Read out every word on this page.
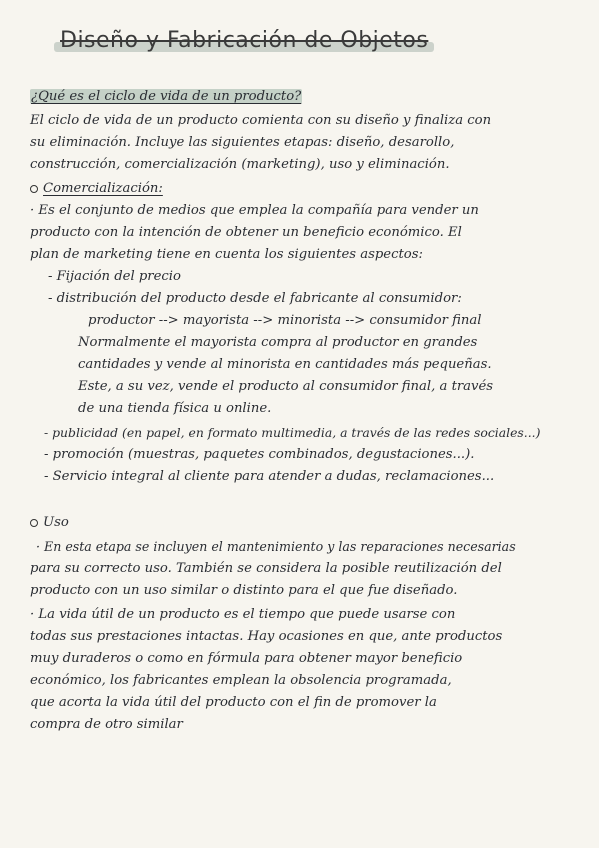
Diseño y Fabricación de Objetos
¿Qué es el ciclo de vida de un producto?
El ciclo de vida de un producto comienta con su diseño y finaliza con
su eliminación. Incluye las siguientes etapas: diseño, desarollo,
construcción, comercialización (marketing), uso y eliminación.
Comercialización:
· Es el conjunto de medios que emplea la compañía para vender un
producto con la intención de obtener un beneficio económico. El
plan de marketing tiene en cuenta los siguientes aspectos:
- Fijación del precio
- distribución del producto desde el fabricante al consumidor:
productor --> mayorista --> minorista --> consumidor final
Normalmente el mayorista compra al productor en grandes
cantidades y vende al minorista en cantidades más pequeñas.
Este, a su vez, vende el producto al consumidor final, a través
de una tienda física u online.
- publicidad (en papel, en formato multimedia, a través de las redes sociales...)
- promoción (muestras, paquetes combinados, degustaciones...).
- Servicio integral al cliente para atender a dudas, reclamaciones...
Uso
· En esta etapa se incluyen el mantenimiento y las reparaciones necesarias
para su correcto uso. También se considera la posible reutilización del
producto con un uso similar o distinto para el que fue diseñado.
· La vida útil de un producto es el tiempo que puede usarse con
todas sus prestaciones intactas. Hay ocasiones en que, ante productos
muy duraderos o como en fórmula para obtener mayor beneficio
económico, los fabricantes emplean la obsolencia programada,
que acorta la vida útil del producto con el fin de promover la
compra de otro similar
